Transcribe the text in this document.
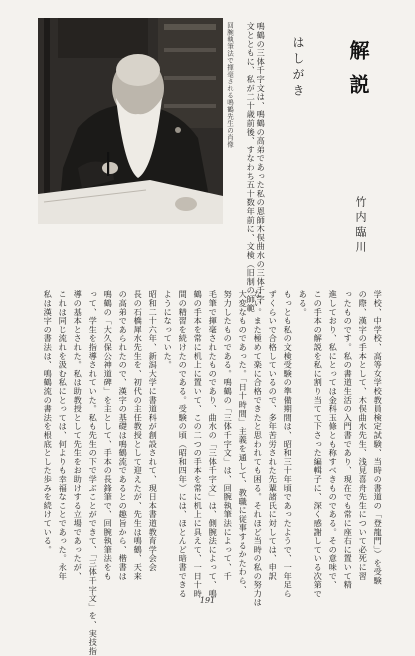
回腕執筆法で揮毫される鳴鶴先生の肖像	鳴鶴の三体千字文は、鳴鶴の高弟であった私の恩師木俣曲水の三体千字
文とともに、私が二十歳前後、すなわち五十数年前に、文検（旧制の師範	はしがき 解説
竹内臨川
学校、中学校、高等女学校教員検定試験、当時の書道の「登龍門」）を受験
の際、漢字の手本として、木俣曲水先生、浅見喜舟先生について必死に習
ったものです。私の書道生活の入門書であり、現在でも常に座右に置いて精
進しており、私にとっては金科玉條とも称すべきものである。その意味で、
この手本の解説を私に割り当てて下さった編輯子に、深く感謝している次第で
ある。
もっとも私の文検受験の準備期間は、昭和三十年頃であったようで、一年足ら
ずくらいで合格しているので、多年苦労された先輩諸氏に対しては、申訳
ない。また極めて楽に合格できたと思われても困る。それほど当時の私の努力は
大変なものであった。「日十時間」主義を通して、教職に従事するかたわら、
努力したものである。鳴鶴の「三体千字文」は、回腕執筆法によって、千
毛筆で揮毫されたものであり、曲水の「三体千字文」は、側腕法によって、鳴
鶴の手本を常に机上に置いて、この二つの手本を常に机上に具えて、一日十時
間の精習を続けたのである。受験の頃（昭和四年）には、ほとんど暗書できる
ようになっていた。
昭和二十六年、新潟大学に書道科が創設されて、現日本書道教育学会会
長の石橋犀水先生を、初代の主任教授として迎えたが、先生は鳴鶴、天来
の高弟であられたので、漢字の基礎は鳴鶴流であるとの趣旨から、楷書は
鳴鶴の「大久保公神道碑」を主として、手本の長鋒筆で、回腕執筆法をも
って、学生を指導されていた。私も先生の下で学ぶことができて、「三体千字文」を、実技指
導の基本とされた。私は助教授として先生をお助けする立場であったが、
これは同じ流れを汲む私にとっては、何よりも幸福なことであった。永年
私は漢字の書法は、鳴鶴流の書法を根底とした歩みを続けている。
191
